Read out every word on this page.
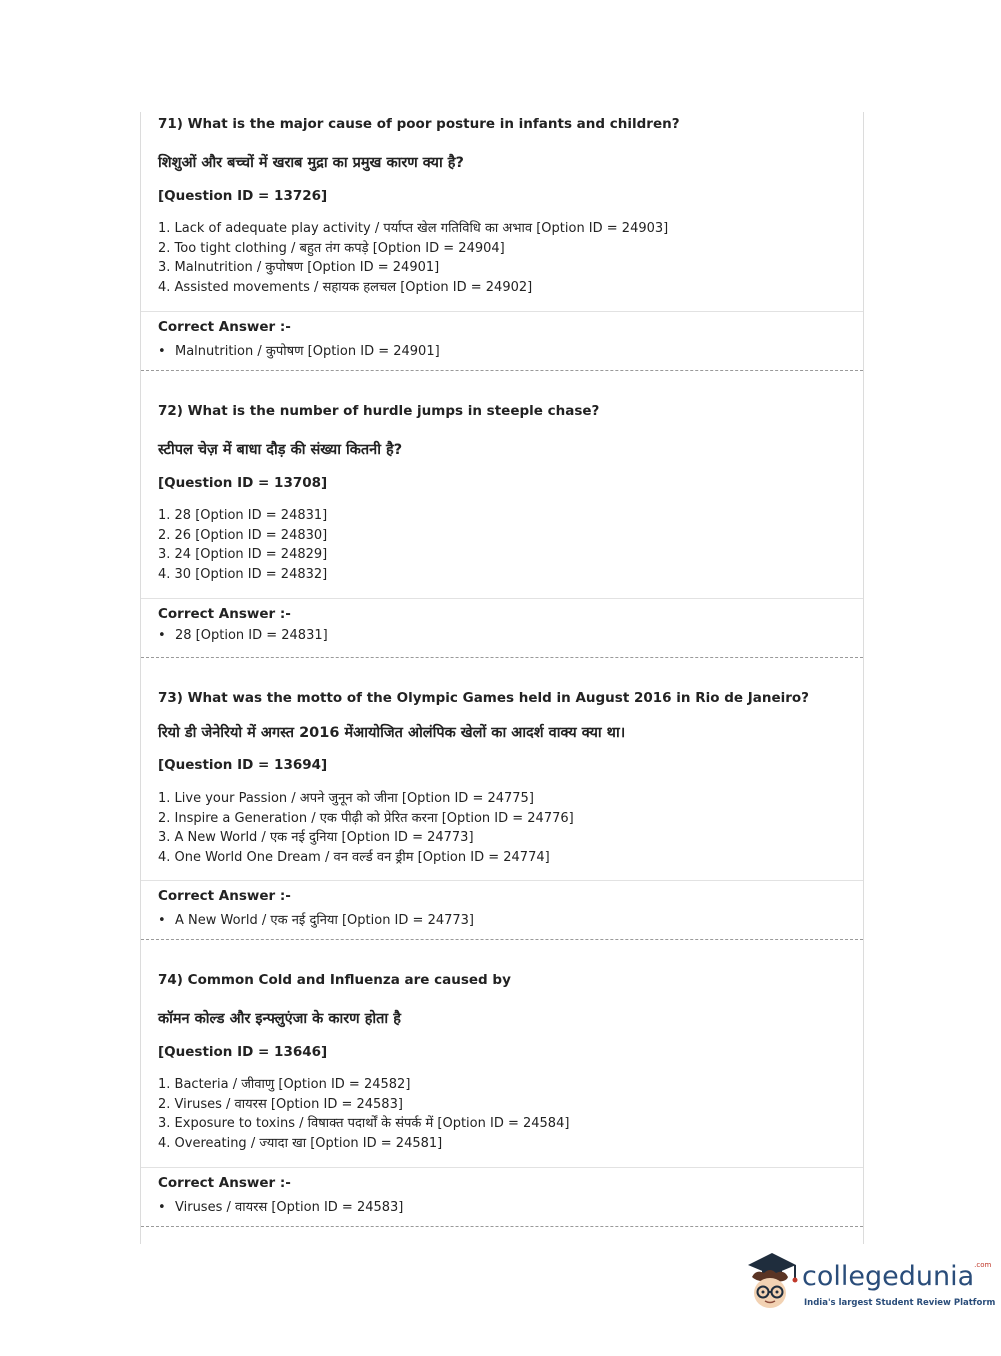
71) What is the major cause of poor posture in infants and children?
शिशुओं और बच्चों में खराब मुद्रा का प्रमुख कारण क्या है?
[Question ID = 13726]
1. Lack of adequate play activity / पर्याप्त खेल गतिविधि का अभाव [Option ID = 24903]
2. Too tight clothing / बहुत तंग कपड़े [Option ID = 24904]
3. Malnutrition / कुपोषण [Option ID = 24901]
4. Assisted movements / सहायक हलचल [Option ID = 24902]
Correct Answer :-
• Malnutrition / कुपोषण [Option ID = 24901]
72) What is the number of hurdle jumps in steeple chase?
स्टीपल चेज़ में बाधा दौड़ की संख्या कितनी है?
[Question ID = 13708]
1. 28 [Option ID = 24831]
2. 26 [Option ID = 24830]
3. 24 [Option ID = 24829]
4. 30 [Option ID = 24832]
Correct Answer :-
• 28 [Option ID = 24831]
73) What was the motto of the Olympic Games held in August 2016 in Rio de Janeiro?
रियो डी जेनेरियो में अगस्त 2016 मेंआयोजित ओलंपिक खेलों का आदर्श वाक्य क्या था।
[Question ID = 13694]
1. Live your Passion / अपने जुनून को जीना [Option ID = 24775]
2. Inspire a Generation / एक पीढ़ी को प्रेरित करना [Option ID = 24776]
3. A New World / एक नई दुनिया [Option ID = 24773]
4. One World One Dream / वन वर्ल्ड वन ड्रीम [Option ID = 24774]
Correct Answer :-
• A New World / एक नई दुनिया [Option ID = 24773]
74) Common Cold and Influenza are caused by
कॉमन कोल्ड और इन्फ्लुएंजा के कारण होता है
[Question ID = 13646]
1. Bacteria / जीवाणु [Option ID = 24582]
2. Viruses / वायरस [Option ID = 24583]
3. Exposure to toxins / विषाक्त पदार्थों के संपर्क में [Option ID = 24584]
4. Overeating / ज्यादा खा [Option ID = 24581]
Correct Answer :-
• Viruses / वायरस [Option ID = 24583]
collegedunia$^{.com}$
India's largest Student Review Platform
